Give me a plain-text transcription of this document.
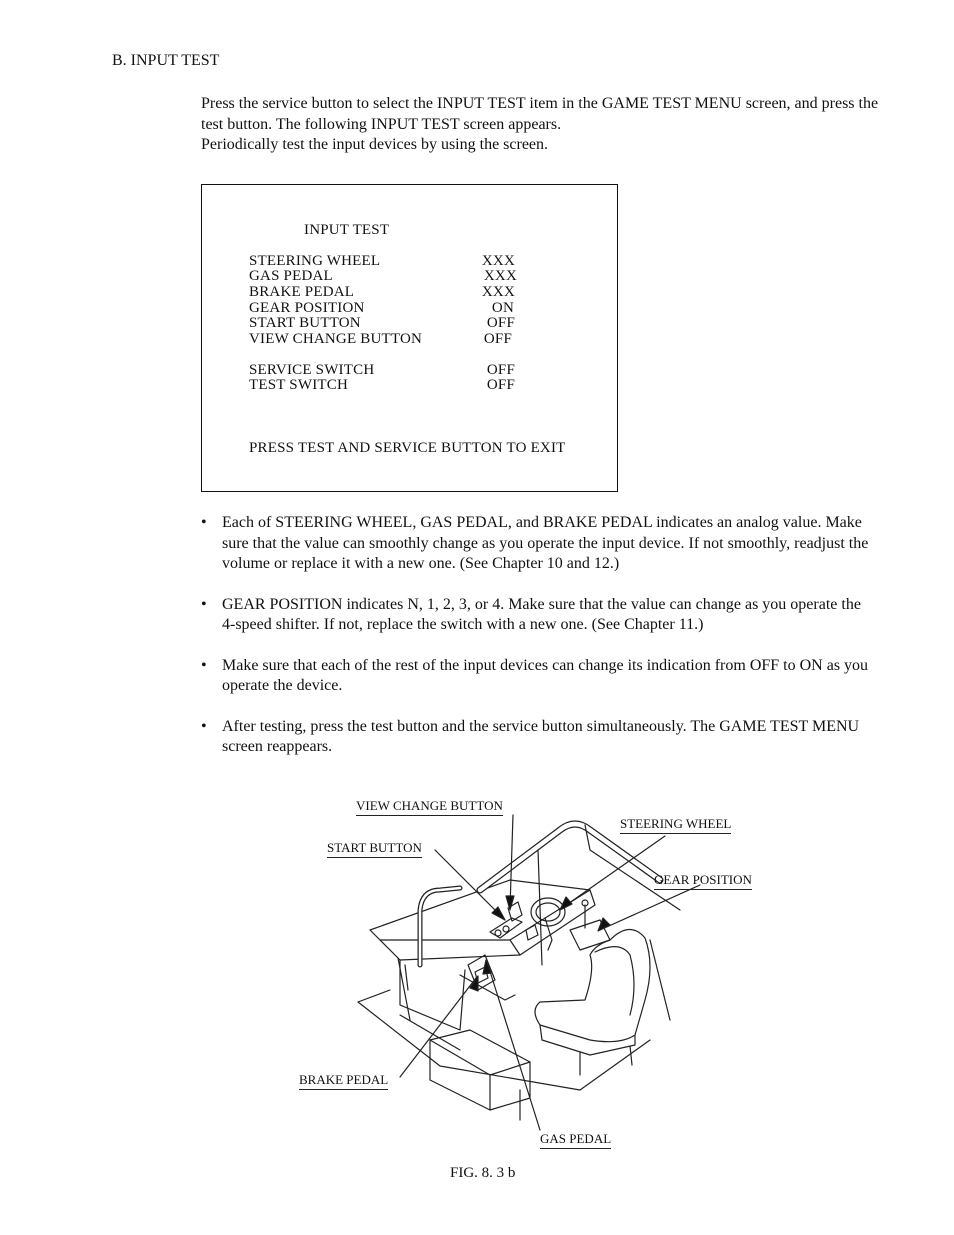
B. INPUT TEST

Press the service button to select the INPUT TEST item in the GAME TEST MENU screen, and press the test button. The following INPUT TEST screen appears.

Periodically test the input devices by using the screen.

INPUT TEST
STEERING WHEEL	XXX
GAS PEDAL	XXX
BRAKE PEDAL	XXX
GEAR POSITION	ON
START BUTTON	OFF
VIEW CHANGE BUTTON	OFF
SERVICE SWITCH	OFF
TEST SWITCH	OFF
PRESS TEST AND SERVICE BUTTON TO EXIT
• Each of STEERING WHEEL, GAS PEDAL, and BRAKE PEDAL indicates an analog value. Make sure that the value can smoothly change as you operate the input device. If not smoothly, readjust the volume or replace it with a new one. (See Chapter 10 and 12.)
• GEAR POSITION indicates N, 1, 2, 3, or 4. Make sure that the value can change as you operate the 4-speed shifter. If not, replace the switch with a new one. (See Chapter 11.)
• Make sure that each of the rest of the input devices can change its indication from OFF to ON as you operate the device.
• After testing, press the test button and the service button simultaneously. The GAME TEST MENU screen reappears.
VIEW CHANGE BUTTON
STEERING WHEEL
START BUTTON
GEAR POSITION
BRAKE PEDAL
GAS PEDAL
FIG. 8. 3 b
